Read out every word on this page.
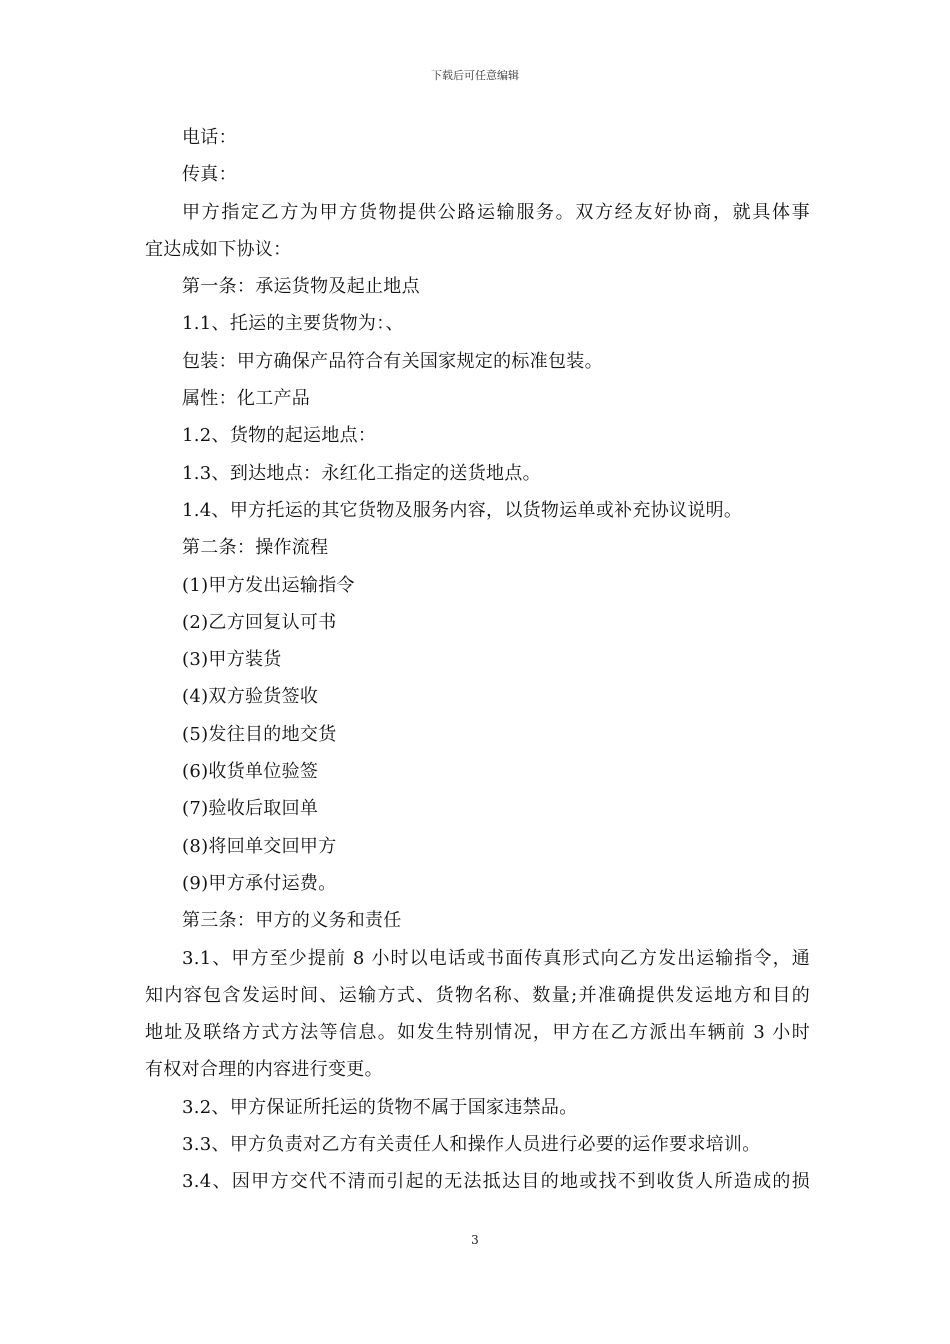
下载后可任意编辑
电话：
传真：
甲方指定乙方为甲方货物提供公路运输服务。双方经友好协商，就具体事
宜达成如下协议：
第一条：承运货物及起止地点
1.1、托运的主要货物为：、
包装：甲方确保产品符合有关国家规定的标准包装。
属性：化工产品
1.2、货物的起运地点：
1.3、到达地点：永红化工指定的送货地点。
1.4、甲方托运的其它货物及服务内容，以货物运单或补充协议说明。
第二条：操作流程
(1)甲方发出运输指令
(2)乙方回复认可书
(3)甲方装货
(4)双方验货签收
(5)发往目的地交货
(6)收货单位验签
(7)验收后取回单
(8)将回单交回甲方
(9)甲方承付运费。
第三条：甲方的义务和责任
3.1、甲方至少提前 8 小时以电话或书面传真形式向乙方发出运输指令，通
知内容包含发运时间、运输方式、货物名称、数量;并准确提供发运地方和目的
地址及联络方式方法等信息。如发生特别情况，甲方在乙方派出车辆前 3 小时
有权对合理的内容进行变更。
3.2、甲方保证所托运的货物不属于国家违禁品。
3.3、甲方负责对乙方有关责任人和操作人员进行必要的运作要求培训。
3.4、因甲方交代不清而引起的无法抵达目的地或找不到收货人所造成的损
3
